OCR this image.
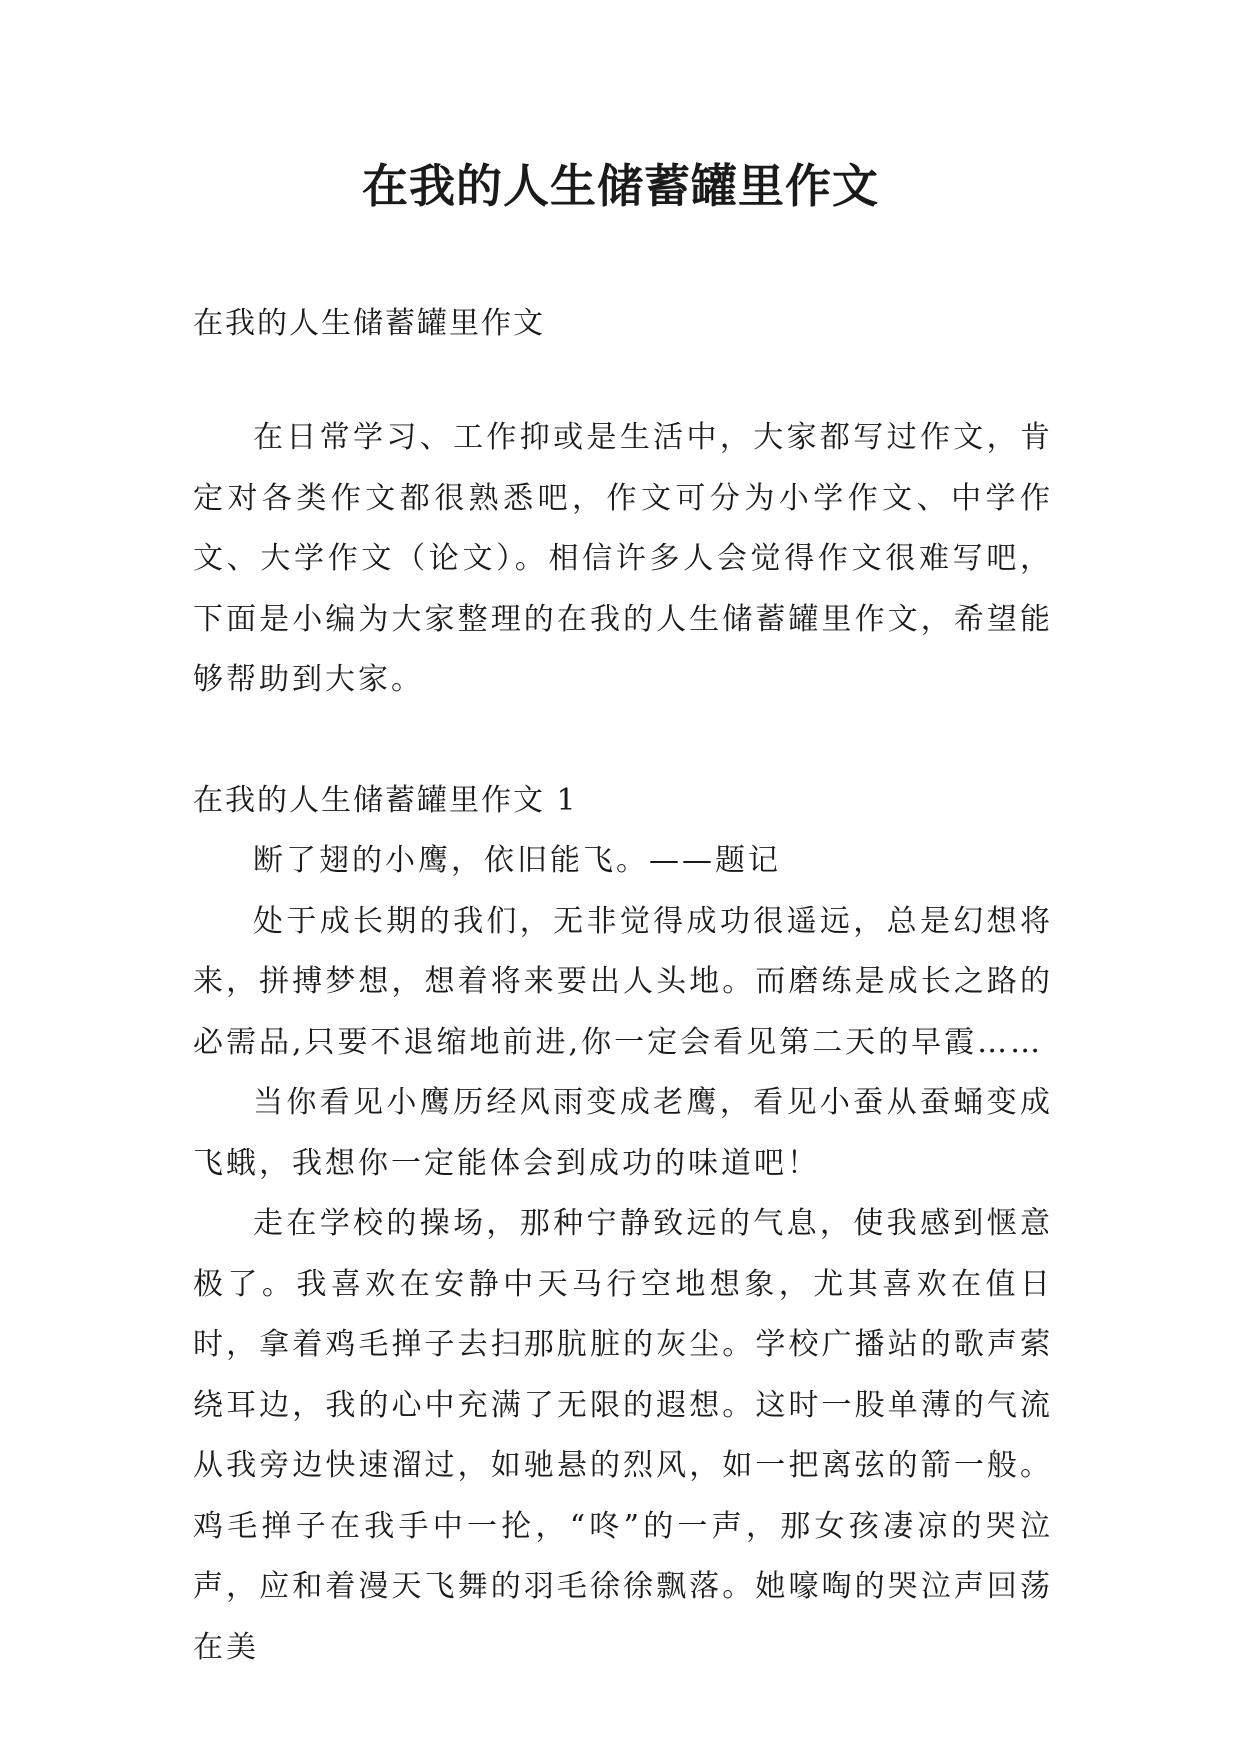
在我的人生储蓄罐里作文
在我的人生储蓄罐里作文

在日常学习、工作抑或是生活中，大家都写过作文，肯定对各类作文都很熟悉吧，作文可分为小学作文、中学作文、大学作文（论文）。相信许多人会觉得作文很难写吧，下面是小编为大家整理的在我的人生储蓄罐里作文，希望能够帮助到大家。

在我的人生储蓄罐里作文 1

断了翅的小鹰，依旧能飞。——题记

处于成长期的我们，无非觉得成功很遥远，总是幻想将来，拼搏梦想，想着将来要出人头地。而磨练是成长之路的必需品,只要不退缩地前进,你一定会看见第二天的早霞……

当你看见小鹰历经风雨变成老鹰，看见小蚕从蚕蛹变成飞蛾，我想你一定能体会到成功的味道吧！

走在学校的操场，那种宁静致远的气息，使我感到惬意极了。我喜欢在安静中天马行空地想象，尤其喜欢在值日时，拿着鸡毛掸子去扫那肮脏的灰尘。学校广播站的歌声萦绕耳边，我的心中充满了无限的遐想。这时一股单薄的气流从我旁边快速溜过，如驰悬的烈风，如一把离弦的箭一般。鸡毛掸子在我手中一抡，“咚”的一声，那女孩凄凉的哭泣声，应和着漫天飞舞的羽毛徐徐飘落。她嚎啕的哭泣声回荡在美
